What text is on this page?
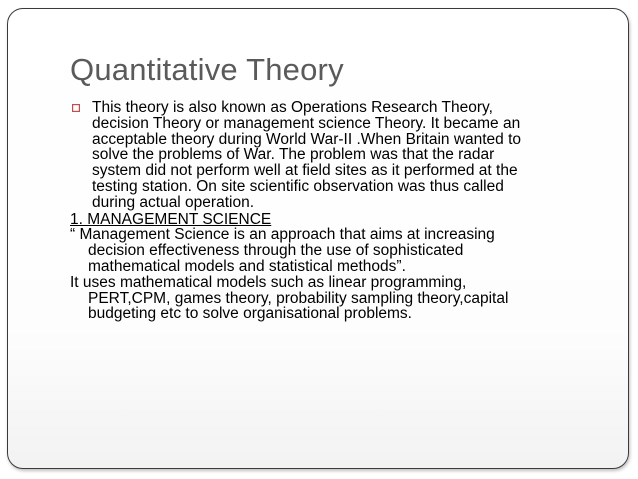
Quantitative Theory
This theory is also known as Operations Research Theory,
decision Theory or management science Theory. It became an
acceptable theory during World War-II .When Britain wanted to
solve the problems of War. The problem was that the radar
system did not perform well at field sites as it performed at the
testing station. On site scientific observation was thus called
during actual operation.
1. MANAGEMENT SCIENCE
“ Management Science is an approach that aims at increasing
decision effectiveness through the use of sophisticated
mathematical models and statistical methods”.
It uses mathematical models such as linear programming,
PERT,CPM, games theory, probability sampling theory,capital
budgeting etc to solve organisational problems.
